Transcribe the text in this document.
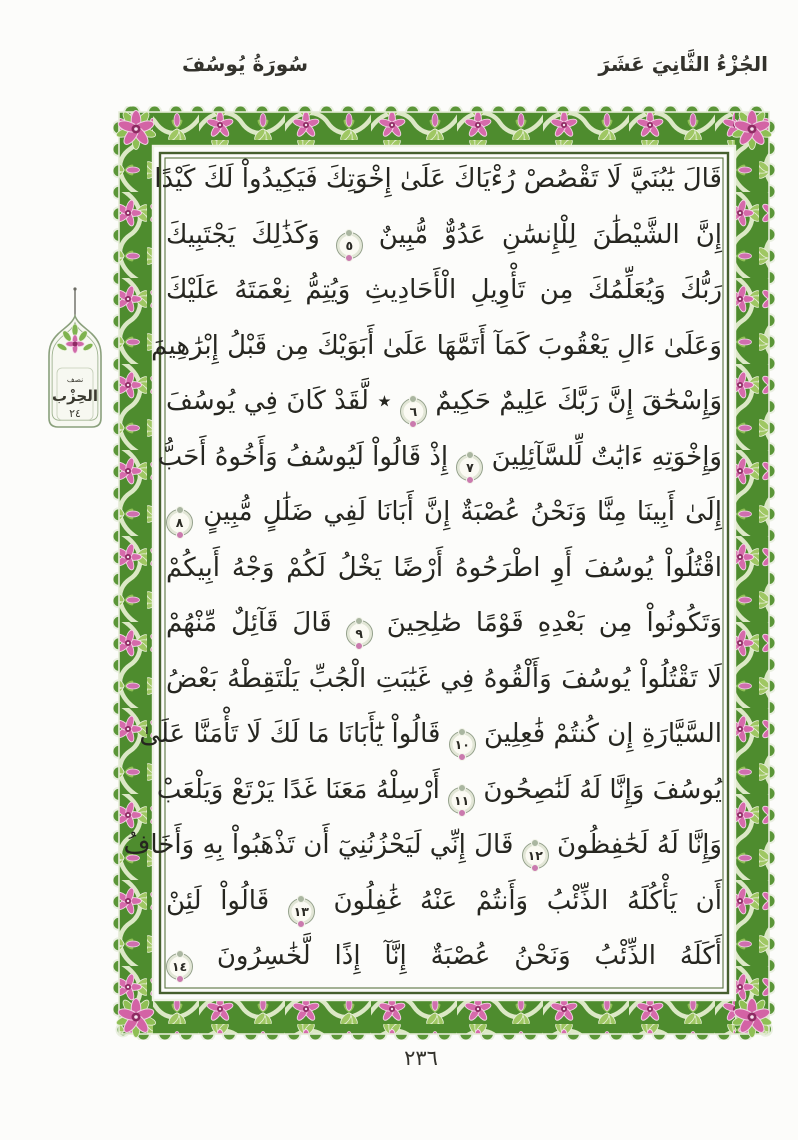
الجُزْءُ الثَّانِيَ عَشَرَ
سُورَةُ يُوسُفَ
نصف
الحِزْب
٢٤
قَالَ يَٰبُنَيَّ لَا تَقْصُصْ رُءْيَاكَ عَلَىٰ إِخْوَتِكَ فَيَكِيدُواْ لَكَ كَيْدًا
إِنَّ الشَّيْطَٰنَ لِلْإِنسَٰنِ عَدُوٌّ مُّبِينٌ
٥
وَكَذَٰلِكَ يَجْتَبِيكَ
رَبُّكَ وَيُعَلِّمُكَ مِن تَأْوِيلِ الْأَحَادِيثِ وَيُتِمُّ نِعْمَتَهُ عَلَيْكَ
وَعَلَىٰ ءَالِ يَعْقُوبَ كَمَآ أَتَمَّهَا عَلَىٰ أَبَوَيْكَ مِن قَبْلُ إِبْرَٰهِيمَ
وَإِسْحَٰقَ إِنَّ رَبَّكَ عَلِيمٌ حَكِيمٌ
٦
٭ لَّقَدْ كَانَ فِي يُوسُفَ
وَإِخْوَتِهِ ءَايَٰتٌ لِّلسَّآئِلِينَ
٧
إِذْ قَالُواْ لَيُوسُفُ وَأَخُوهُ أَحَبُّ
إِلَىٰ أَبِينَا مِنَّا وَنَحْنُ عُصْبَةٌ إِنَّ أَبَانَا لَفِي ضَلَٰلٍ مُّبِينٍ
٨
اقْتُلُواْ يُوسُفَ أَوِ اطْرَحُوهُ أَرْضًا يَخْلُ لَكُمْ وَجْهُ أَبِيكُمْ
وَتَكُونُواْ مِن بَعْدِهِ قَوْمًا صَٰلِحِينَ
٩
قَالَ قَآئِلٌ مِّنْهُمْ
لَا تَقْتُلُواْ يُوسُفَ وَأَلْقُوهُ فِي غَيَٰبَتِ الْجُبِّ يَلْتَقِطْهُ بَعْضُ
السَّيَّارَةِ إِن كُنتُمْ فَٰعِلِينَ
١٠
قَالُواْ يَٰٓأَبَانَا مَا لَكَ لَا تَأْمَنَّا عَلَىٰ
يُوسُفَ وَإِنَّا لَهُ لَنَٰصِحُونَ
١١
أَرْسِلْهُ مَعَنَا غَدًا يَرْتَعْ وَيَلْعَبْ
وَإِنَّا لَهُ لَحَٰفِظُونَ
١٢
قَالَ إِنِّي لَيَحْزُنُنِيٓ أَن تَذْهَبُواْ بِهِ وَأَخَافُ
أَن يَأْكُلَهُ الذِّئْبُ وَأَنتُمْ عَنْهُ غَٰفِلُونَ
١٣
قَالُواْ لَئِنْ
أَكَلَهُ الذِّئْبُ وَنَحْنُ عُصْبَةٌ إِنَّآ إِذًا لَّخَٰسِرُونَ
١٤
٢٣٦
